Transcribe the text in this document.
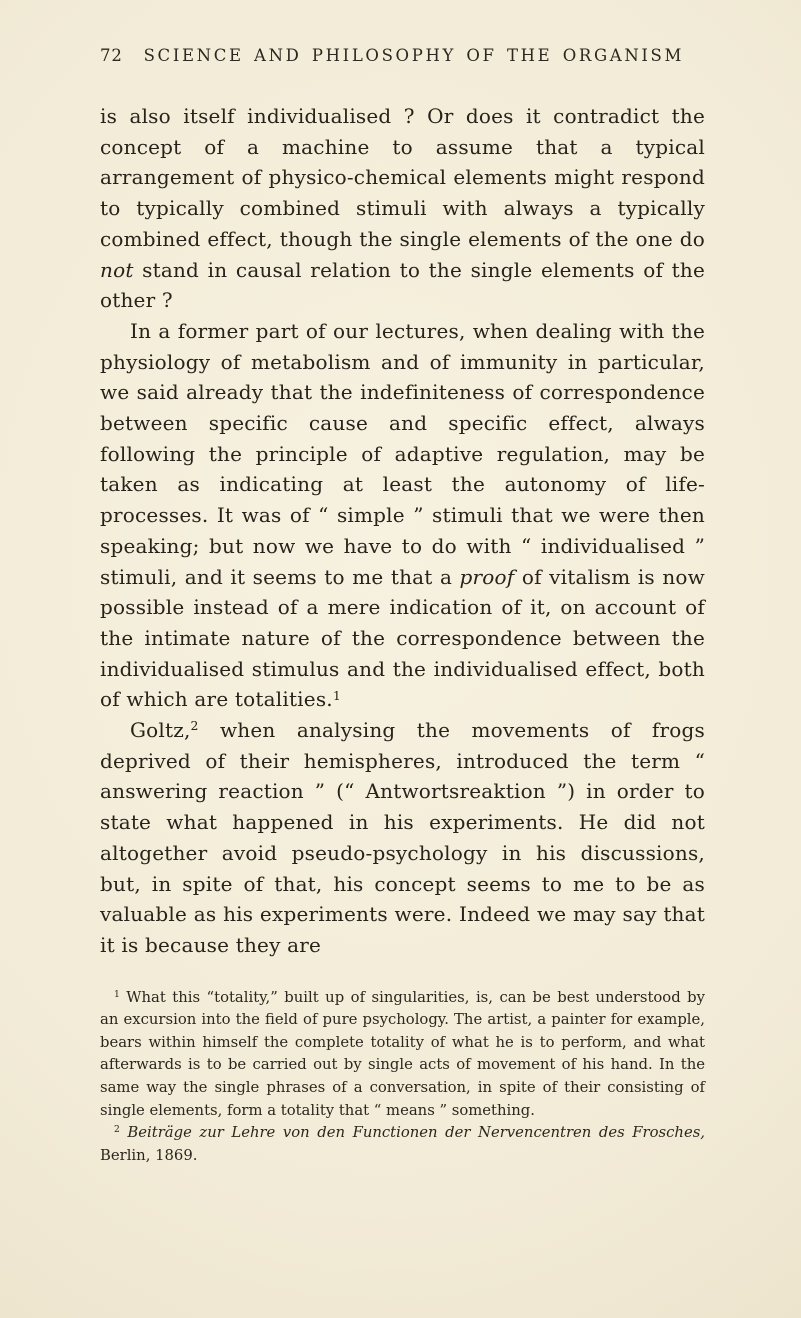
72	SCIENCE AND PHILOSOPHY OF THE ORGANISM

is also itself individualised ? Or does it contradict the concept of a machine to assume that a typical arrangement of physico-chemical elements might respond to typically combined stimuli with always a typically combined effect, though the single elements of the one do not stand in causal relation to the single elements of the other ?

In a former part of our lectures, when dealing with the physiology of metabolism and of immunity in particular, we said already that the indefiniteness of correspondence between specific cause and specific effect, always following the principle of adaptive regulation, may be taken as indicating at least the autonomy of life-processes. It was of “ simple ” stimuli that we were then speaking; but now we have to do with “ individualised ” stimuli, and it seems to me that a proof of vitalism is now possible instead of a mere indication of it, on account of the intimate nature of the correspondence between the individualised stimulus and the individualised effect, both of which are totalities.$^1$

Goltz,$^2$ when analysing the movements of frogs deprived of their hemispheres, introduced the term “ answering reaction ” (“ Antwortsreaktion ”) in order to state what happened in his experiments. He did not altogether avoid pseudo-psychology in his discussions, but, in spite of that, his concept seems to me to be as valuable as his experiments were. Indeed we may say that it is because they are

$^1$ What this “totality,” built up of singularities, is, can be best understood by an excursion into the field of pure psychology. The artist, a painter for example, bears within himself the complete totality of what he is to perform, and what afterwards is to be carried out by single acts of movement of his hand. In the same way the single phrases of a conversation, in spite of their consisting of single elements, form a totality that “ means ” something.

$^2$ Beiträge zur Lehre von den Functionen der Nervencentren des Frosches, Berlin, 1869.
